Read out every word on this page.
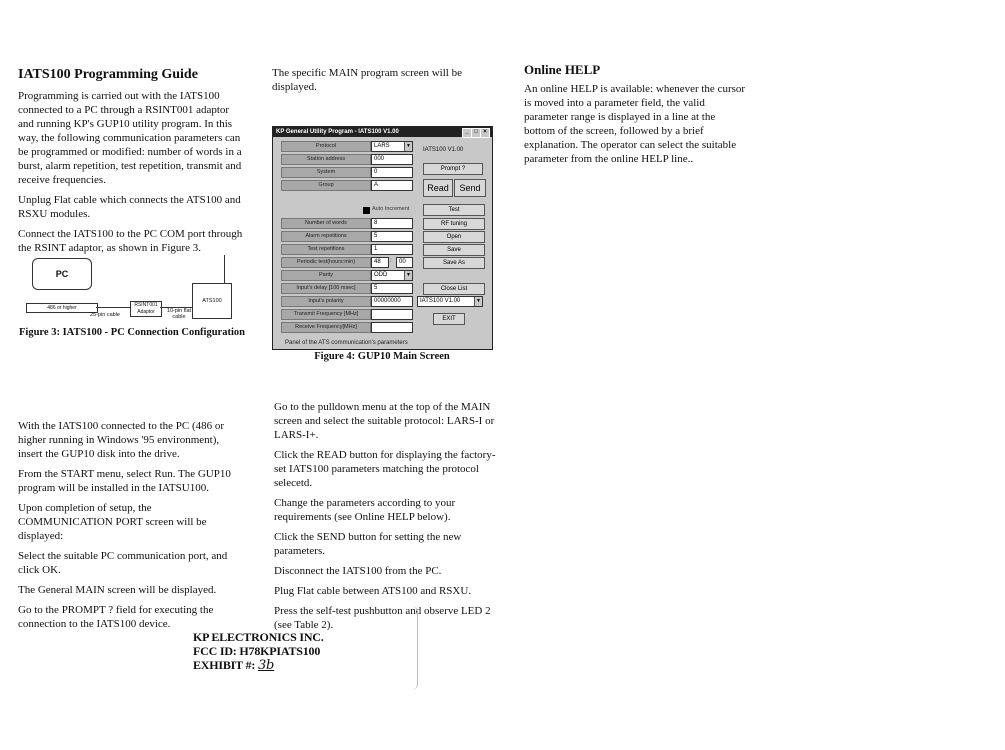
IATS100 Programming Guide

Programming is carried out with the IATS100 connected to a PC through a RSINT001 adaptor and running KP's GUP10 utility program. In this way, the following communication parameters can be programmed or modified: number of words in a burst, alarm repetition, test repetition, transmit and receive frequencies.

Unplug Flat cable which connects the ATS100 and RSXU modules.

Connect the IATS100 to the PC COM port through the RSINT adaptor, as shown in Figure 3.

PC
486 or higher
25-pin cable
RSINT001 Adaptor	10-pin flat cable
ATS100
Figure 3: IATS100 - PC Connection Configuration

With the IATS100 connected to the PC (486 or higher running in Windows '95 environment), insert the GUP10 disk into the drive.

From the START menu, select Run. The GUP10 program will be installed in the IATSU100.

Upon completion of setup, the COMMUNICATION PORT screen will be displayed:

Select the suitable PC communication port, and click OK.

The General MAIN screen will be displayed.

Go to the PROMPT ? field for executing the connection to the IATS100 device.

The specific MAIN program screen will be displayed.

KP General Utility Program - IATS100 V1.00	_ □ ×
Protocol	LARS	▼
Station address	000
System	0
Group	A
IATS100 V1.00
Prompt ?
Read	Send
Auto Increment	Test
Number of words	8	RF tuning
Alarm repetitions	5	Open
Test repetitions	1	Save
Periodic test(hours:min)	48	:	00	Save As
Parity	ODD	▼
Input's delay [100 msec]	5	Close List
Input's polarity	00000000	IATS100 V1.00	▼
Transmit Frequency [MHz]
EXIT
Receive Frequency[MHz]
Panel of the ATS communication's parameters
Figure 4: GUP10 Main Screen

Go to the pulldown menu at the top of the MAIN screen and select the suitable protocol: LARS-I or LARS-I+.

Click the READ button for displaying the factory-set IATS100 parameters matching the protocol selecetd.

Change the parameters according to your requirements (see Online HELP below).

Click the SEND button for setting the new parameters.

Disconnect the IATS100 from the PC.

Plug Flat cable between ATS100 and RSXU.

Press the self-test pushbutton and observe LED 2 (see Table 2).

Online HELP

An online HELP is available: whenever the cursor is moved into a parameter field, the valid parameter range is displayed in a line at the bottom of the screen, followed by a brief explanation. The operator can select the suitable parameter from the online HELP line..

KP ELECTRONICS INC.
FCC ID: H78KPIATS100
EXHIBIT #: 3b
